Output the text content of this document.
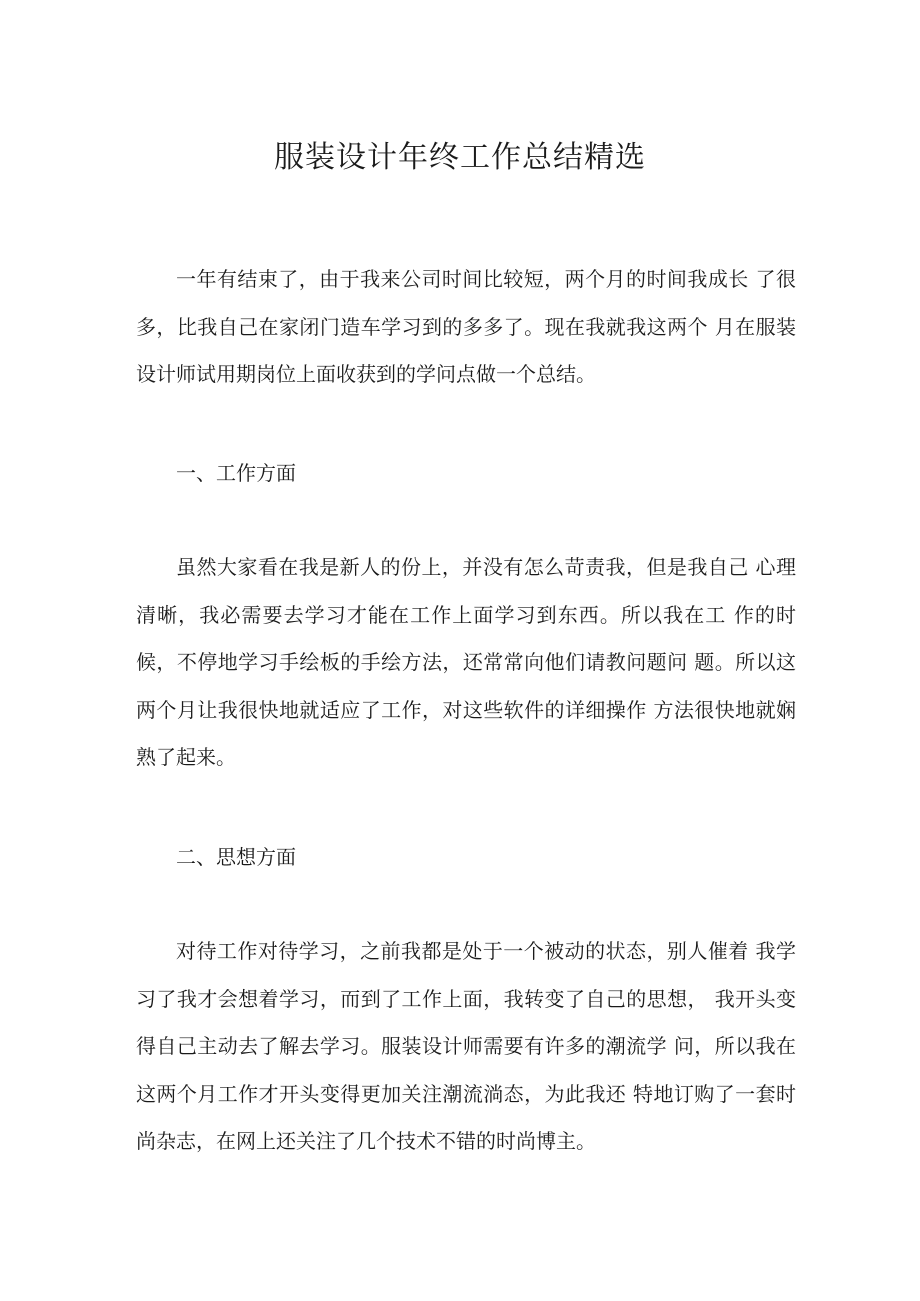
服装设计年终工作总结精选

一年有结束了，由于我来公司时间比较短，两个月的时间我成长 了很多，比我自己在家闭门造车学习到的多多了。现在我就我这两个 月在服装设计师试用期岗位上面收获到的学问点做一个总结。

一、工作方面

虽然大家看在我是新人的份上，并没有怎么苛责我，但是我自己 心理清晰，我必需要去学习才能在工作上面学习到东西。所以我在工 作的时候，不停地学习手绘板的手绘方法，还常常向他们请教问题问 题。所以这两个月让我很快地就适应了工作，对这些软件的详细操作 方法很快地就娴熟了起来。

二、思想方面

对待工作对待学习，之前我都是处于一个被动的状态，别人催着 我学习了我才会想着学习，而到了工作上面，我转变了自己的思想， 我开头变得自己主动去了解去学习。服装设计师需要有许多的潮流学 问，所以我在这两个月工作才开头变得更加关注潮流淌态，为此我还 特地订购了一套时尚杂志，在网上还关注了几个技术不错的时尚博主。
